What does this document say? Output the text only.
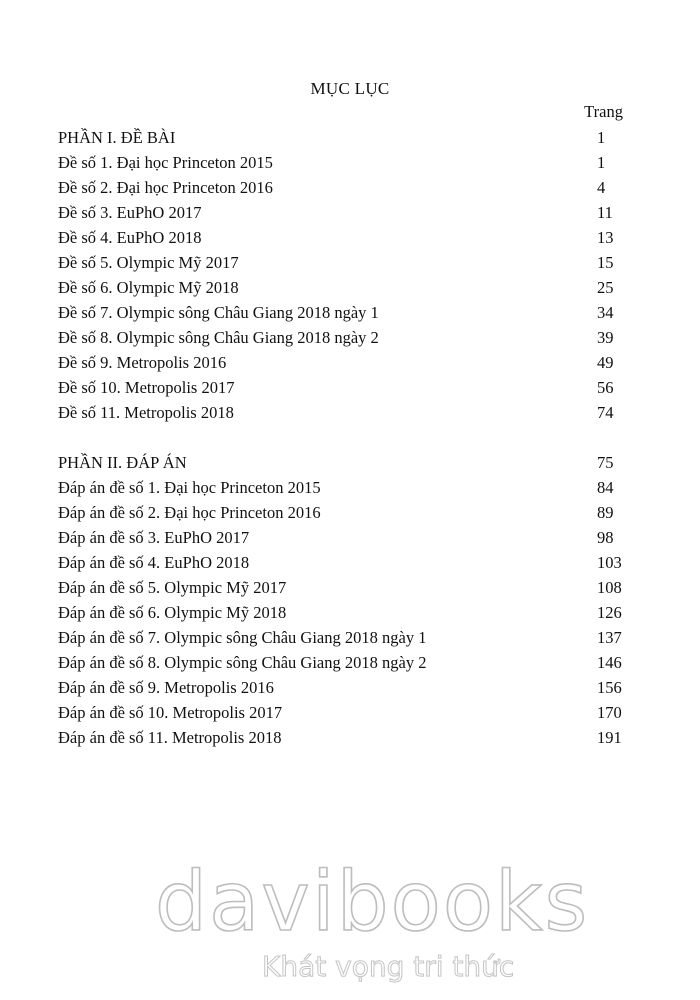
MỤC LỤC
Trang
PHẦN I. ĐỀ BÀI	1
Đề số 1. Đại học Princeton 2015	1
Đề số 2. Đại học Princeton 2016	4
Đề số 3. EuPhO 2017	11
Đề số 4. EuPhO 2018	13
Đề số 5. Olympic Mỹ 2017	15
Đề số 6. Olympic Mỹ 2018	25
Đề số 7. Olympic sông Châu Giang 2018 ngày 1	34
Đề số 8. Olympic sông Châu Giang 2018 ngày 2	39
Đề số 9. Metropolis 2016	49
Đề số 10. Metropolis 2017	56
Đề số 11. Metropolis 2018	74
PHẦN II. ĐÁP ÁN	75
Đáp án đề số 1. Đại học Princeton 2015	84
Đáp án đề số 2. Đại học Princeton 2016	89
Đáp án đề số 3. EuPhO 2017	98
Đáp án đề số 4. EuPhO 2018	103
Đáp án đề số 5. Olympic Mỹ 2017	108
Đáp án đề số 6. Olympic Mỹ 2018	126
Đáp án đề số 7. Olympic sông Châu Giang 2018 ngày 1	137
Đáp án đề số 8. Olympic sông Châu Giang 2018 ngày 2	146
Đáp án đề số 9. Metropolis 2016	156
Đáp án đề số 10. Metropolis 2017	170
Đáp án đề số 11. Metropolis 2018	191
davibooks
Khát vọng tri thức
